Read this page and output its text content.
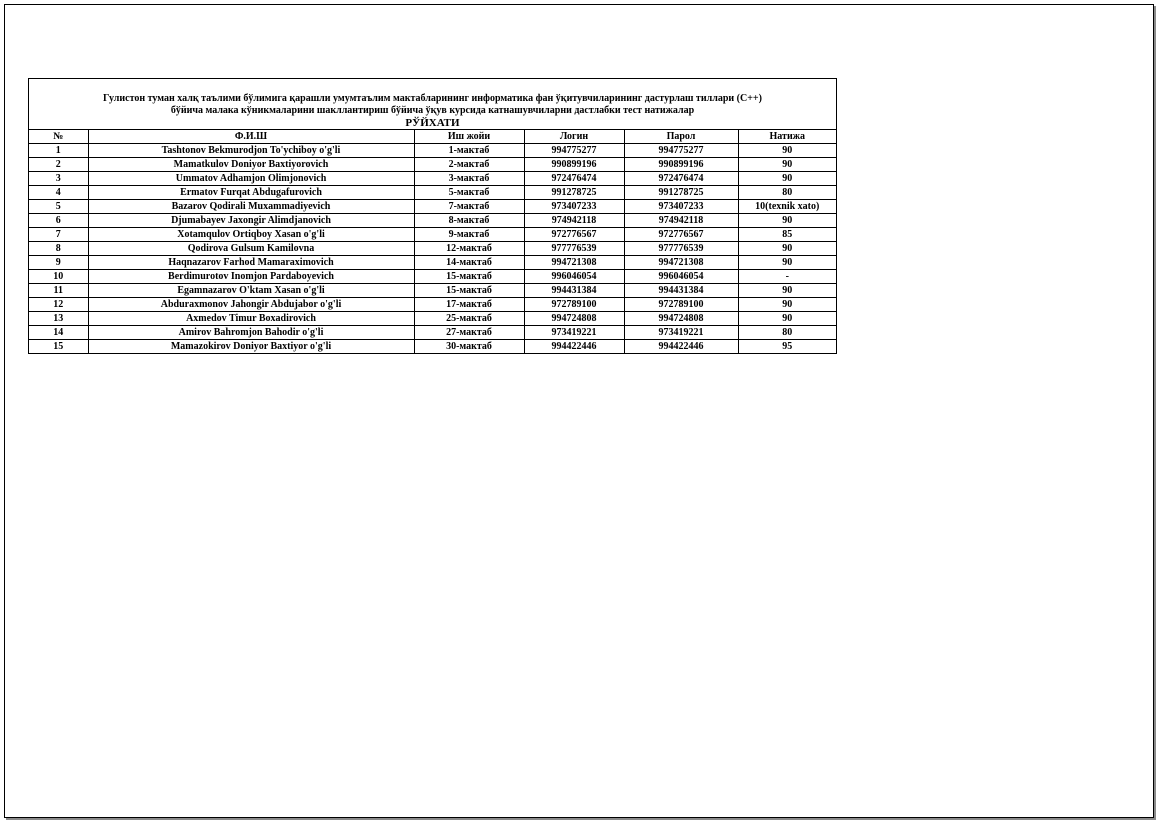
Гулистон туман халқ таълими бўлимига қарашли умумтаълим мактабларининг информатика фан ўқитувчиларининг дастурлаш тиллари (C++)
бўйича малака кўникмаларини шакллантириш бўйича ўқув курсида катнашувчиларни дастлабки тест натижалар
РЎЙХАТИ
№	Ф.И.Ш	Иш жойи	Логин	Парол	Натижа
1	Tashtonov Bekmurodjon To'ychiboy o'g'li	1-мактаб	994775277	994775277	90
2	Mamatkulov Doniyor Baxtiyorovich	2-мактаб	990899196	990899196	90
3	Ummatov Adhamjon Olimjonovich	3-мактаб	972476474	972476474	90
4	Ermatov Furqat Abdugafurovich	5-мактаб	991278725	991278725	80
5	Bazarov Qodirali Muxammadiyevich	7-мактаб	973407233	973407233	10(texnik xato)
6	Djumabayev Jaxongir Alimdjanovich	8-мактаб	974942118	974942118	90
7	Xotamqulov Ortiqboy Xasan o'g'li	9-мактаб	972776567	972776567	85
8	Qodirova Gulsum Kamilovna	12-мактаб	977776539	977776539	90
9	Haqnazarov Farhod Mamaraximovich	14-мактаб	994721308	994721308	90
10	Berdimurotov Inomjon Pardaboyevich	15-мактаб	996046054	996046054	-
11	Egamnazarov O'ktam Xasan o'g'li	15-мактаб	994431384	994431384	90
12	Abduraxmonov Jahongir Abdujabor o'g'li	17-мактаб	972789100	972789100	90
13	Axmedov Timur Boxadirovich	25-мактаб	994724808	994724808	90
14	Amirov Bahromjon Bahodir o'g'li	27-мактаб	973419221	973419221	80
15	Mamazokirov Doniyor Baxtiyor o'g'li	30-мактаб	994422446	994422446	95
